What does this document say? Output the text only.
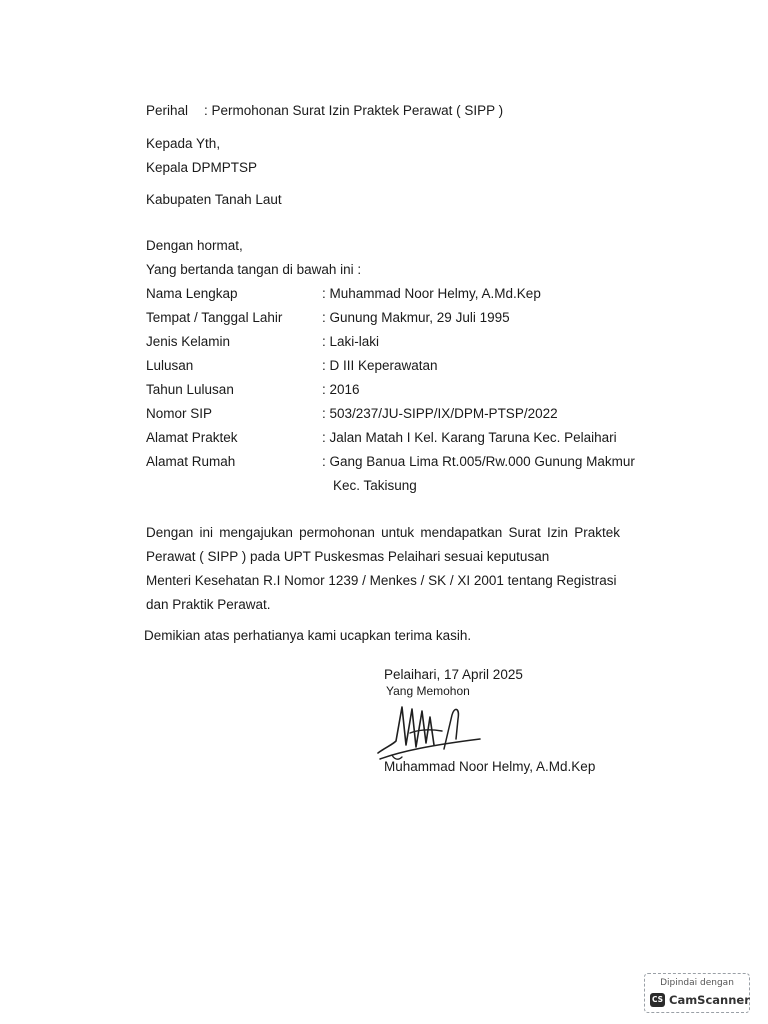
Perihal : Permohonan Surat Izin Praktek Perawat ( SIPP )
Kepada Yth,
Kepala DPMPTSP
Kabupaten Tanah Laut
Dengan hormat,
Yang bertanda tangan di bawah ini :
Nama Lengkap	: Muhammad Noor Helmy, A.Md.Kep
Tempat / Tanggal Lahir	: Gunung Makmur, 29 Juli 1995
Jenis Kelamin	: Laki-laki
Lulusan	: D III Keperawatan
Tahun Lulusan	: 2016
Nomor SIP	: 503/237/JU-SIPP/IX/DPM-PTSP/2022
Alamat Praktek	: Jalan Matah I Kel. Karang Taruna Kec. Pelaihari
Alamat Rumah	: Gang Banua Lima Rt.005/Rw.000 Gunung Makmur
Kec. Takisung
Dengan ini mengajukan permohonan untuk mendapatkan Surat Izin Praktek
Perawat ( SIPP ) pada UPT Puskesmas Pelaihari sesuai keputusan
Menteri Kesehatan R.I Nomor 1239 / Menkes / SK / XI 2001 tentang Registrasi
dan Praktik Perawat.
Demikian atas perhatianya kami ucapkan terima kasih.
Pelaihari, 17 April 2025
Yang Memohon
Muhammad Noor Helmy, A.Md.Kep
Dipindai dengan
CS CamScanner
